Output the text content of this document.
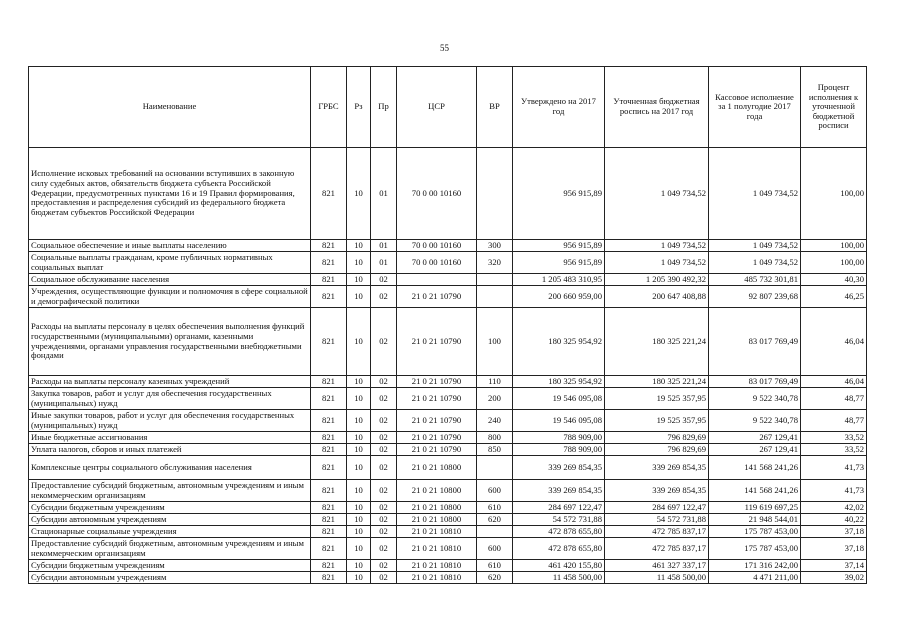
55
Наименование	ГРБС	Рз	Пр	ЦСР	ВР	Утверждено на 2017 год	Уточненная бюджетная роспись на 2017 год	Кассовое исполнение за 1 полугодие 2017 года	Процент исполнения к уточненной бюджетной росписи
Исполнение исковых требований на основании вступивших в законную силу судебных актов, обязательств бюджета субъекта Российской Федерации, предусмотренных пунктами 16 и 19 Правил формирования, предоставления и распределения субсидий из федерального бюджета бюджетам субъектов Российской Федерации	821	10	01	70 0 00 10160		956 915,89	1 049 734,52	1 049 734,52	100,00
Социальное обеспечение и иные выплаты населению	821	10	01	70 0 00 10160	300	956 915,89	1 049 734,52	1 049 734,52	100,00
Социальные выплаты гражданам, кроме публичных нормативных социальных выплат	821	10	01	70 0 00 10160	320	956 915,89	1 049 734,52	1 049 734,52	100,00
Социальное обслуживание населения	821	10	02			1 205 483 310,95	1 205 390 492,32	485 732 301,81	40,30
Учреждения, осуществляющие функции и полномочия в сфере социальной и демографической политики	821	10	02	21 0 21 10790		200 660 959,00	200 647 408,88	92 807 239,68	46,25
Расходы на выплаты персоналу в целях обеспечения выполнения функций государственными (муниципальными) органами, казенными учреждениями, органами управления государственными внебюджетными фондами	821	10	02	21 0 21 10790	100	180 325 954,92	180 325 221,24	83 017 769,49	46,04
Расходы на выплаты персоналу казенных учреждений	821	10	02	21 0 21 10790	110	180 325 954,92	180 325 221,24	83 017 769,49	46,04
Закупка товаров, работ и услуг для обеспечения государственных (муниципальных) нужд	821	10	02	21 0 21 10790	200	19 546 095,08	19 525 357,95	9 522 340,78	48,77
Иные закупки товаров, работ и услуг для обеспечения государственных (муниципальных) нужд	821	10	02	21 0 21 10790	240	19 546 095,08	19 525 357,95	9 522 340,78	48,77
Иные бюджетные ассигнования	821	10	02	21 0 21 10790	800	788 909,00	796 829,69	267 129,41	33,52
Уплата налогов, сборов и иных платежей	821	10	02	21 0 21 10790	850	788 909,00	796 829,69	267 129,41	33,52
Комплексные центры социального обслуживания населения	821	10	02	21 0 21 10800		339 269 854,35	339 269 854,35	141 568 241,26	41,73
Предоставление субсидий бюджетным, автономным учреждениям и иным некоммерческим организациям	821	10	02	21 0 21 10800	600	339 269 854,35	339 269 854,35	141 568 241,26	41,73
Субсидии бюджетным учреждениям	821	10	02	21 0 21 10800	610	284 697 122,47	284 697 122,47	119 619 697,25	42,02
Субсидии автономным учреждениям	821	10	02	21 0 21 10800	620	54 572 731,88	54 572 731,88	21 948 544,01	40,22
Стационарные социальные учреждения	821	10	02	21 0 21 10810		472 878 655,80	472 785 837,17	175 787 453,00	37,18
Предоставление субсидий бюджетным, автономным учреждениям и иным некоммерческим организациям	821	10	02	21 0 21 10810	600	472 878 655,80	472 785 837,17	175 787 453,00	37,18
Субсидии бюджетным учреждениям	821	10	02	21 0 21 10810	610	461 420 155,80	461 327 337,17	171 316 242,00	37,14
Субсидии автономным учреждениям	821	10	02	21 0 21 10810	620	11 458 500,00	11 458 500,00	4 471 211,00	39,02
